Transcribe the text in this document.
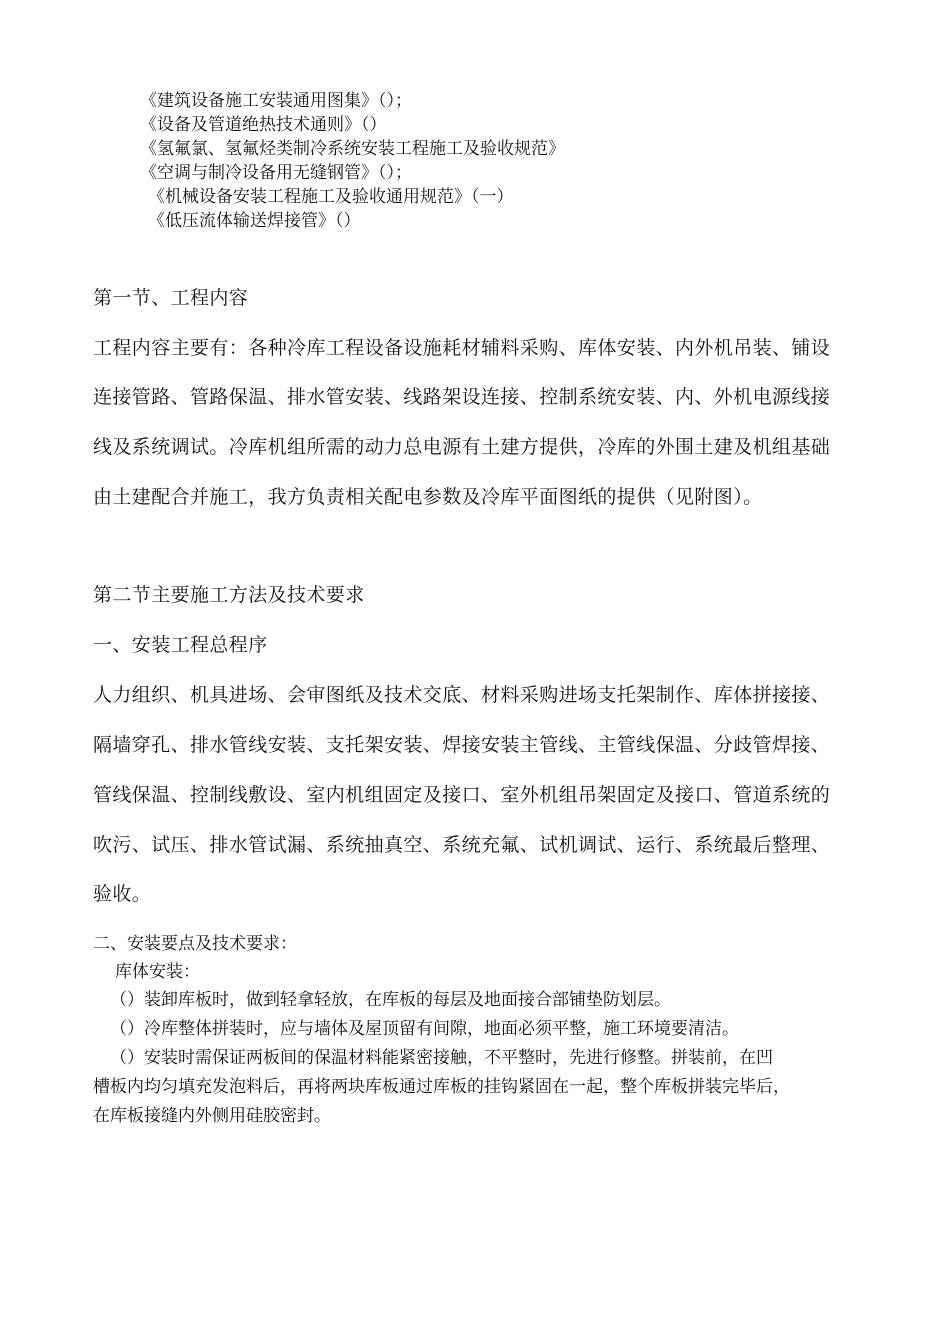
《建筑设备施工安装通用图集》（）；
《设备及管道绝热技术通则》（）
《氢氟氯、氢氟烃类制冷系统安装工程施工及验收规范》
《空调与制冷设备用无缝钢管》（）；
《机械设备安装工程施工及验收通用规范》（一）
《低压流体输送焊接管》（）
第一节、工程内容
工程内容主要有：各种冷库工程设备设施耗材辅料采购、库体安装、内外机吊装、铺设
连接管路、管路保温、排水管安装、线路架设连接、控制系统安装、内、外机电源线接
线及系统调试。冷库机组所需的动力总电源有土建方提供，冷库的外围土建及机组基础
由土建配合并施工，我方负责相关配电参数及冷库平面图纸的提供（见附图）。
第二节主要施工方法及技术要求
一、安装工程总程序
人力组织、机具进场、会审图纸及技术交底、材料采购进场支托架制作、库体拼接接、
隔墙穿孔、排水管线安装、支托架安装、焊接安装主管线、主管线保温、分歧管焊接、
管线保温、控制线敷设、室内机组固定及接口、室外机组吊架固定及接口、管道系统的
吹污、试压、排水管试漏、系统抽真空、系统充氟、试机调试、运行、系统最后整理、
验收。
二、安装要点及技术要求：
库体安装：
（）装卸库板时，做到轻拿轻放，在库板的每层及地面接合部铺垫防划层。
（）冷库整体拼装时，应与墙体及屋顶留有间隙，地面必须平整，施工环境要清洁。
（）安装时需保证两板间的保温材料能紧密接触，不平整时，先进行修整。拼装前，在凹
槽板内均匀填充发泡料后，再将两块库板通过库板的挂钩紧固在一起，整个库板拼装完毕后，
在库板接缝内外侧用硅胶密封。
